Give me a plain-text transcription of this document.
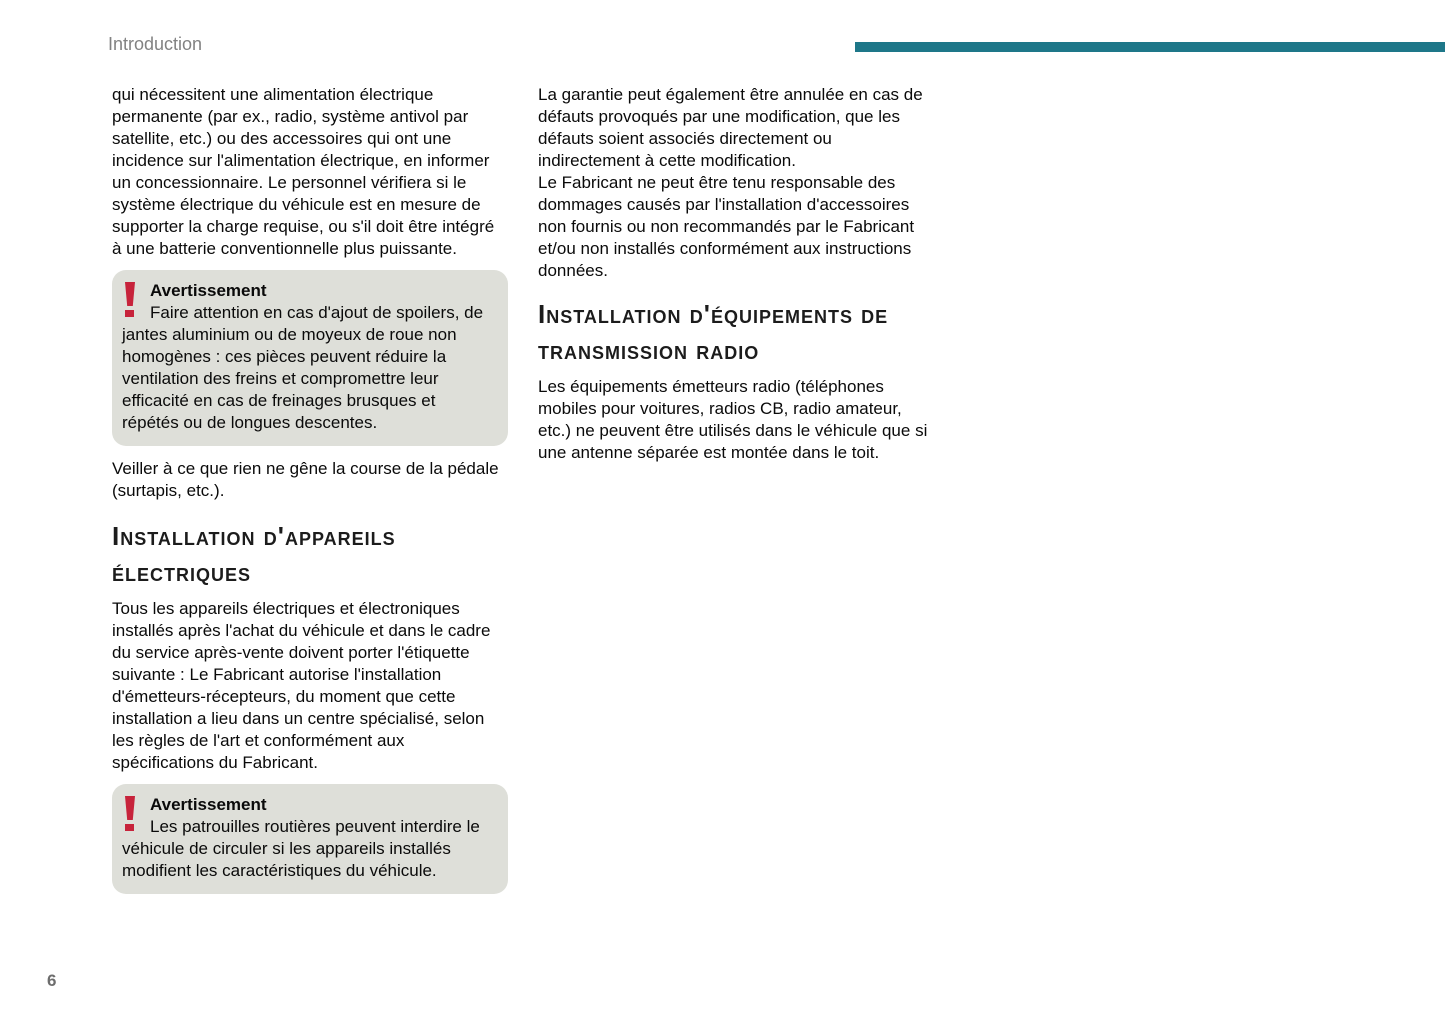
Introduction

qui nécessitent une alimentation électrique permanente (par ex., radio, système antivol par satellite, etc.) ou des accessoires qui ont une incidence sur l'alimentation électrique, en informer un concessionnaire. Le personnel vérifiera si le système électrique du véhicule est en mesure de supporter la charge requise, ou s'il doit être intégré à une batterie conventionnelle plus puissante.

Avertissement
Faire attention en cas d'ajout de spoilers, de jantes aluminium ou de moyeux de roue non homogènes : ces pièces peuvent réduire la ventilation des freins et compromettre leur efficacité en cas de freinages brusques et répétés ou de longues descentes.

Veiller à ce que rien ne gêne la course de la pédale (surtapis, etc.).

Installation d'appareils électriques

Tous les appareils électriques et électroniques installés après l'achat du véhicule et dans le cadre du service après-vente doivent porter l'étiquette suivante : Le Fabricant autorise l'installation d'émetteurs-récepteurs, du moment que cette installation a lieu dans un centre spécialisé, selon les règles de l'art et conformément aux spécifications du Fabricant.

Avertissement
Les patrouilles routières peuvent interdire le véhicule de circuler si les appareils installés modifient les caractéristiques du véhicule.

La garantie peut également être annulée en cas de défauts provoqués par une modification, que les défauts soient associés directement ou indirectement à cette modification.

Le Fabricant ne peut être tenu responsable des dommages causés par l'installation d'accessoires non fournis ou non recommandés par le Fabricant et/ou non installés conformément aux instructions données.

Installation d'équipements de transmission radio

Les équipements émetteurs radio (téléphones mobiles pour voitures, radios CB, radio amateur, etc.) ne peuvent être utilisés dans le véhicule que si une antenne séparée est montée dans le toit.

6
